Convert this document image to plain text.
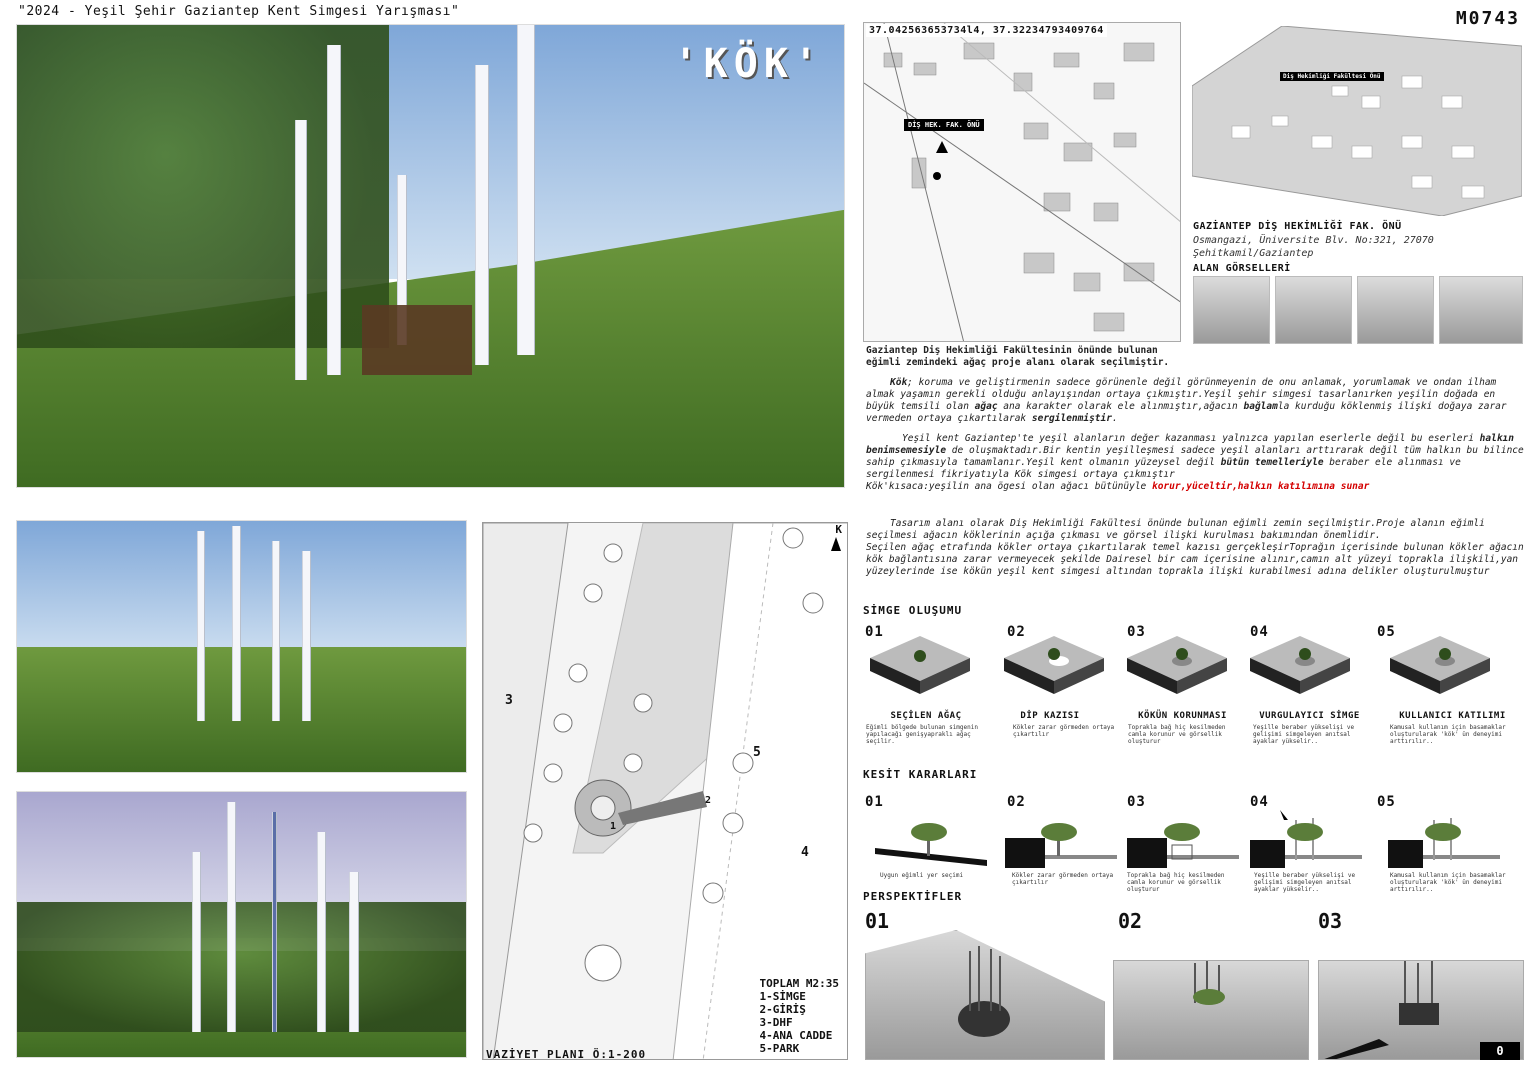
"2024 - Yeşil Şehir Gaziantep Kent Simgesi Yarışması"	M0743
'KÖK'
3
1
2
4
5
K
TOPLAM M2:35
1-SİMGE
2-GİRİŞ
3-DHF
4-ANA CADDE
5-PARK
VAZİYET PLANI Ö:1-200
DİŞ HEK. FAK. ÖNÜ
37.042563653734l4, 37.32234793409764
Diş Hekimliği Fakültesi Önü
GAZİANTEP DİŞ HEKİMLİĞİ FAK. ÖNÜ
Osmangazi, Üniversite Blv. No:321, 27070 Şehitkamil/Gaziantep
ALAN GÖRSELLERİ
Gaziantep Diş Hekimliği Fakültesinin önünde bulunan eğimli zemindeki ağaç proje alanı olarak seçilmiştir.
Kök; koruma ve geliştirmenin sadece görünenle değil görünmeyenin de onu anlamak, yorumlamak ve ondan ilham almak yaşamın gerekli olduğu anlayışından ortaya çıkmıştır.Yeşil şehir simgesi tasarlanırken yeşilin doğada en büyük temsili olan ağaç ana karakter olarak ele alınmıştır,ağacın bağlamla kurduğu köklenmiş ilişki doğaya zarar vermeden ortaya çıkartılarak sergilenmiştir.
Yeşil kent Gaziantep'te yeşil alanların değer kazanması yalnızca yapılan eserlerle değil bu eserleri halkın benimsemesiyle de oluşmaktadır.Bir kentin yeşilleşmesi sadece yeşil alanları arttırarak değil tüm halkın bu bilince sahip çıkmasıyla tamamlanır.Yeşil kent olmanın yüzeysel değil bütün temelleriyle beraber ele alınması ve sergilenmesi fikriyatıyla Kök simgesi ortaya çıkmıştır
Kök'kısaca:yeşilin ana ögesi olan ağacı bütünüyle korur,yüceltir,halkın katılımına sunar
Tasarım alanı olarak Diş Hekimliği Fakültesi önünde bulunan eğimli zemin seçilmiştir.Proje alanın eğimli seçilmesi ağacın köklerinin açığa çıkması ve görsel ilişki kurulması bakımından önemlidir.
Seçilen ağaç etrafında kökler ortaya çıkartılarak temel kazısı gerçekleşirToprağın içerisinde bulunan kökler ağacın kök bağlantısına zarar vermeyecek şekilde Dairesel bir cam içerisine alınır,camın alt yüzeyi toprakla ilişkili,yan yüzeylerinde ise kökün yeşil kent simgesi altından toprakla ilişki kurabilmesi adına delikler oluşturulmuştur
SİMGE OLUŞUMU
01	02	03	04	05
SEÇİLEN AĞAÇ	DİP KAZISI	KÖKÜN KORUNMASI	VURGULAYICI SİMGE	KULLANICI KATILIMI
Eğimli bölgede bulunan simgenin yapılacağı genişyapraklı ağaç seçilir.
Kökler zarar görmeden ortaya çıkartılır
Toprakla bağ hiç kesilmeden camla korunur ve görsellik oluşturur
Yeşille beraber yükselişi ve gelişimi simgeleyen anıtsal ayaklar yükselir..
Kamusal kullanım için basamaklar oluşturularak 'kök' ün deneyimi arttırılır..
KESİT KARARLARI
01	02	03	04	05
Uygun eğimli yer seçimi	Kökler zarar görmeden ortaya çıkartılır
Toprakla bağ hiç kesilmeden camla korunur ve görsellik oluşturur
Yeşille beraber yükselişi ve gelişimi simgeleyen anıtsal ayaklar yükselir..
Kamusal kullanım için basamaklar oluşturularak 'kök' ün deneyimi arttırılır..
PERSPEKTİFLER
01	02	03
0
